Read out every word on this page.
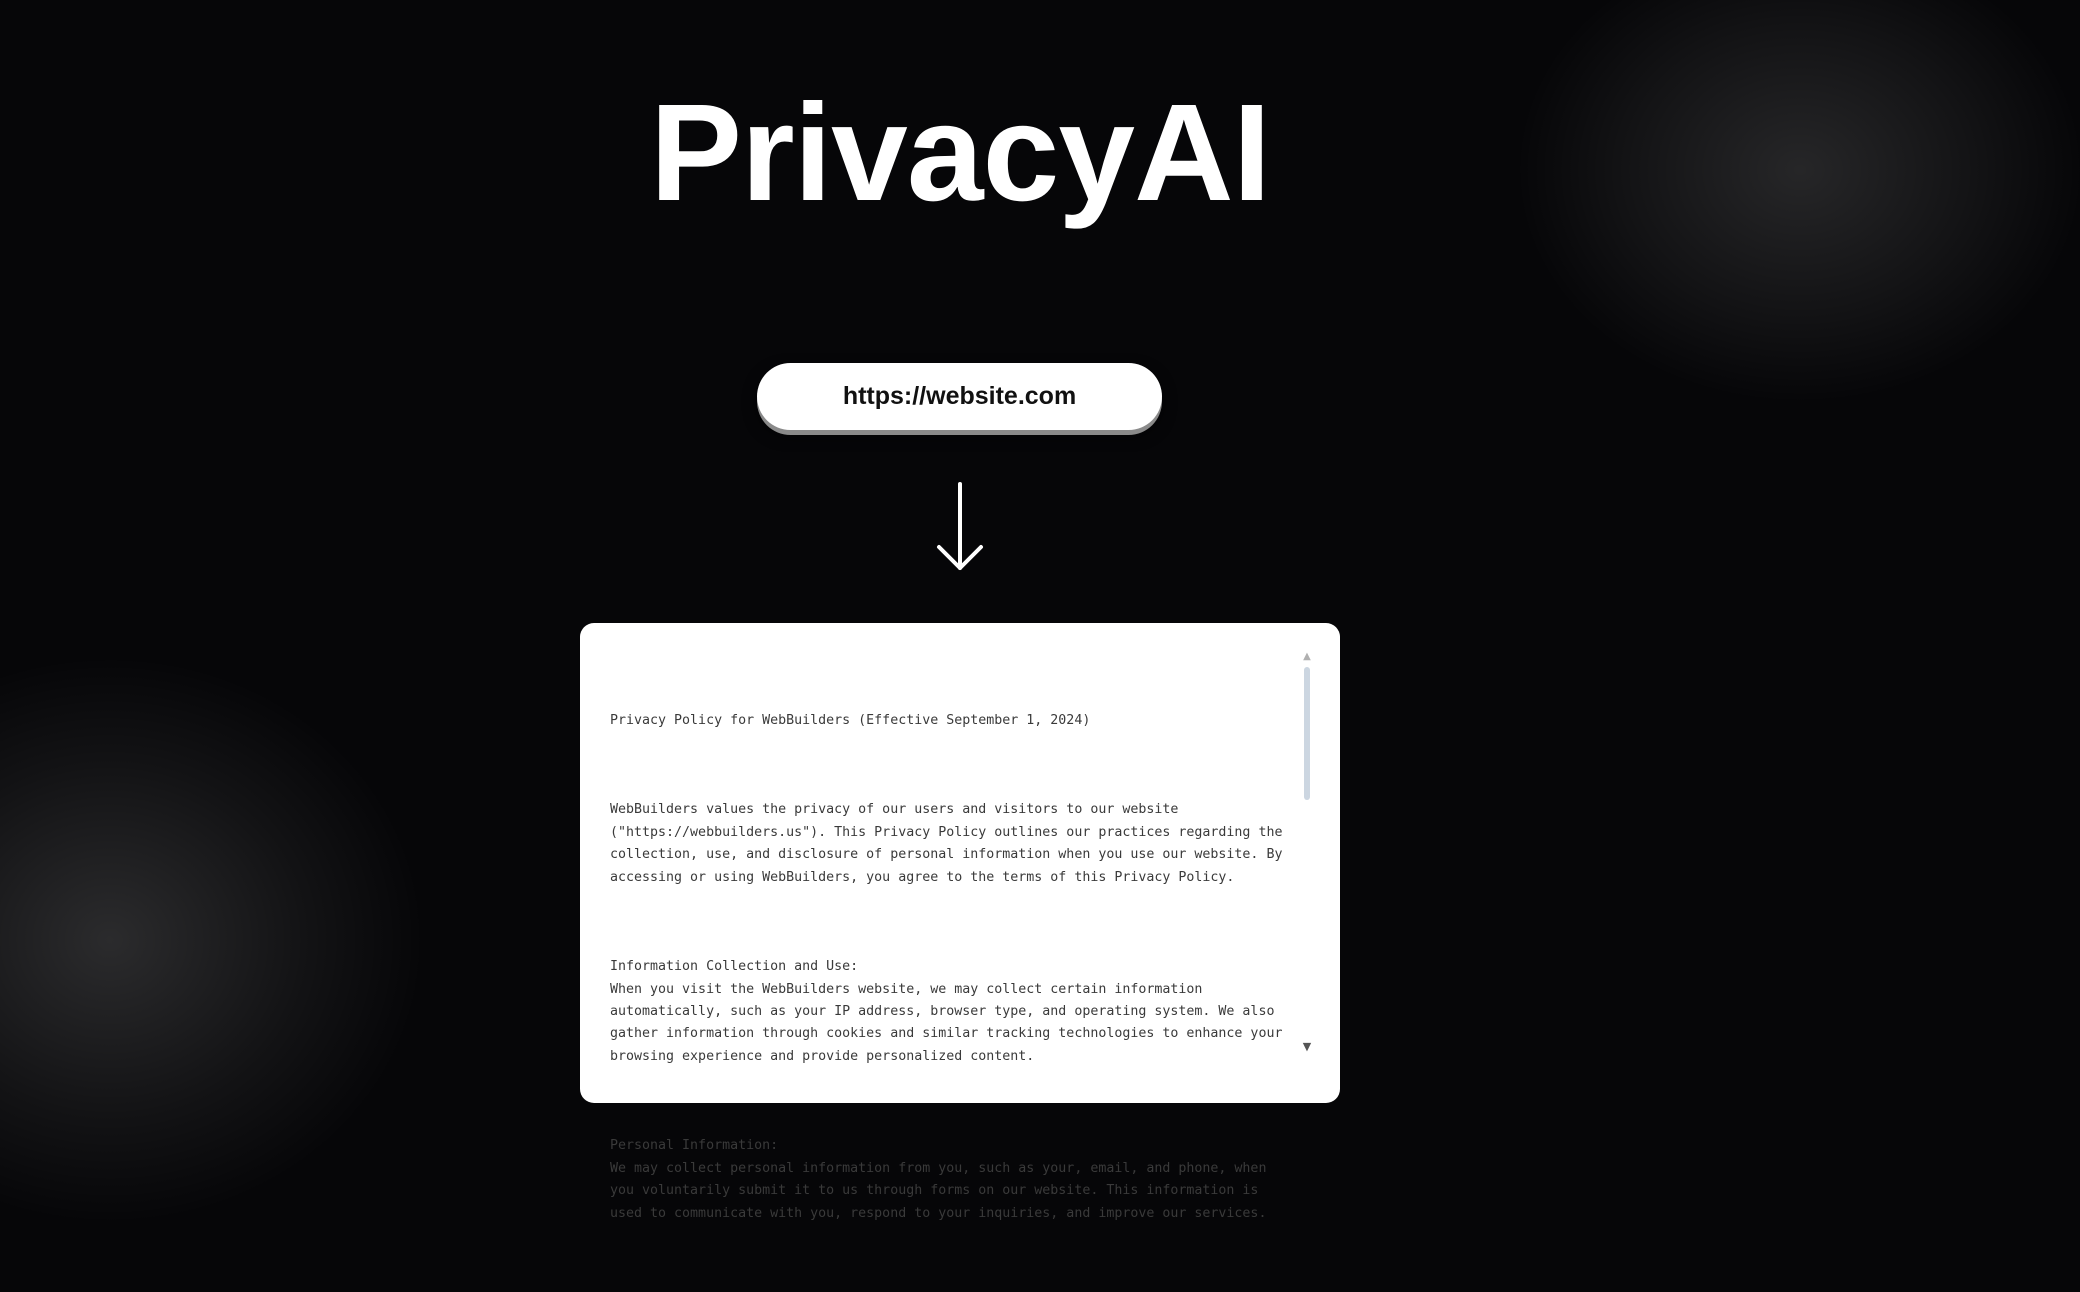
PrivacyAI
https://website.com

Privacy Policy for WebBuilders (Effective September 1, 2024)

WebBuilders values the privacy of our users and visitors to our website ("https://webbuilders.us"). This Privacy Policy outlines our practices regarding the collection, use, and disclosure of personal information when you use our website. By accessing or using WebBuilders, you agree to the terms of this Privacy Policy.

Information Collection and Use:
When you visit the WebBuilders website, we may collect certain information automatically, such as your IP address, browser type, and operating system. We also gather information through cookies and similar tracking technologies to enhance your browsing experience and provide personalized content.

Personal Information:
We may collect personal information from you, such as your, email, and phone, when you voluntarily submit it to us through forms on our website. This information is used to communicate with you, respond to your inquiries, and improve our services.

▲
▼
